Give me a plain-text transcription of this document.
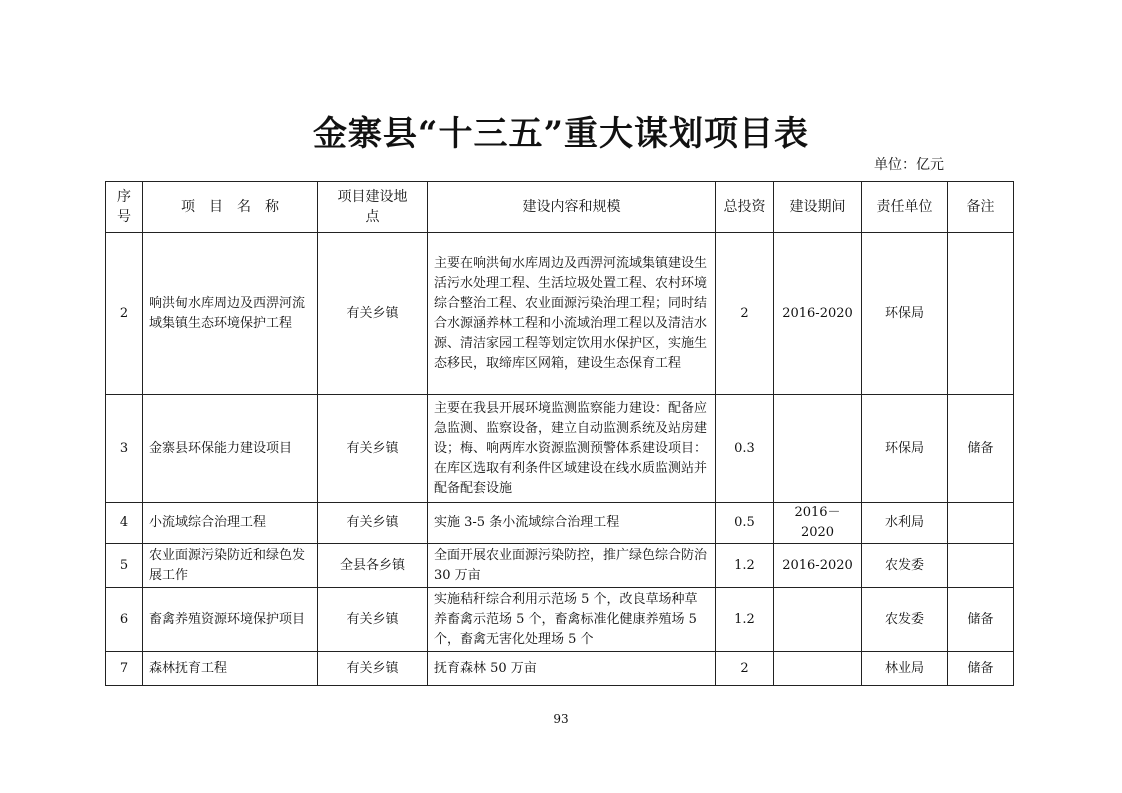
金寨县“十三五”重大谋划项目表
单位：亿元
序号	项　目　名　称	项目建设地点	建设内容和规模	总投资	建设期间	责任单位	备注
2	响洪甸水库周边及西淠河流域集镇生态环境保护工程	有关乡镇	主要在响洪甸水库周边及西淠河流域集镇建设生活污水处理工程、生活垃圾处置工程、农村环境综合整治工程、农业面源污染治理工程；同时结合水源涵养林工程和小流域治理工程以及清洁水源、清洁家园工程等划定饮用水保护区，实施生态移民，取缔库区网箱，建设生态保育工程	2	2016-2020	环保局	
3	金寨县环保能力建设项目	有关乡镇	主要在我县开展环境监测监察能力建设：配备应急监测、监察设备，建立自动监测系统及站房建设；梅、响两库水资源监测预警体系建设项目：在库区选取有利条件区域建设在线水质监测站并配备配套设施	0.3		环保局	储备
4	小流域综合治理工程	有关乡镇	实施 3-5 条小流域综合治理工程	0.5	2016－2020	水利局	
5	农业面源污染防近和绿色发展工作	全县各乡镇	全面开展农业面源污染防控，推广绿色综合防治 30 万亩	1.2	2016-2020	农发委	
6	畜禽养殖资源环境保护项目	有关乡镇	实施秸秆综合利用示范场 5 个，改良草场种草养畜禽示范场 5 个，畜禽标准化健康养殖场 5 个，畜禽无害化处理场 5 个	1.2		农发委	储备
7	森林抚育工程	有关乡镇	抚育森林 50 万亩	2		林业局	储备
93
